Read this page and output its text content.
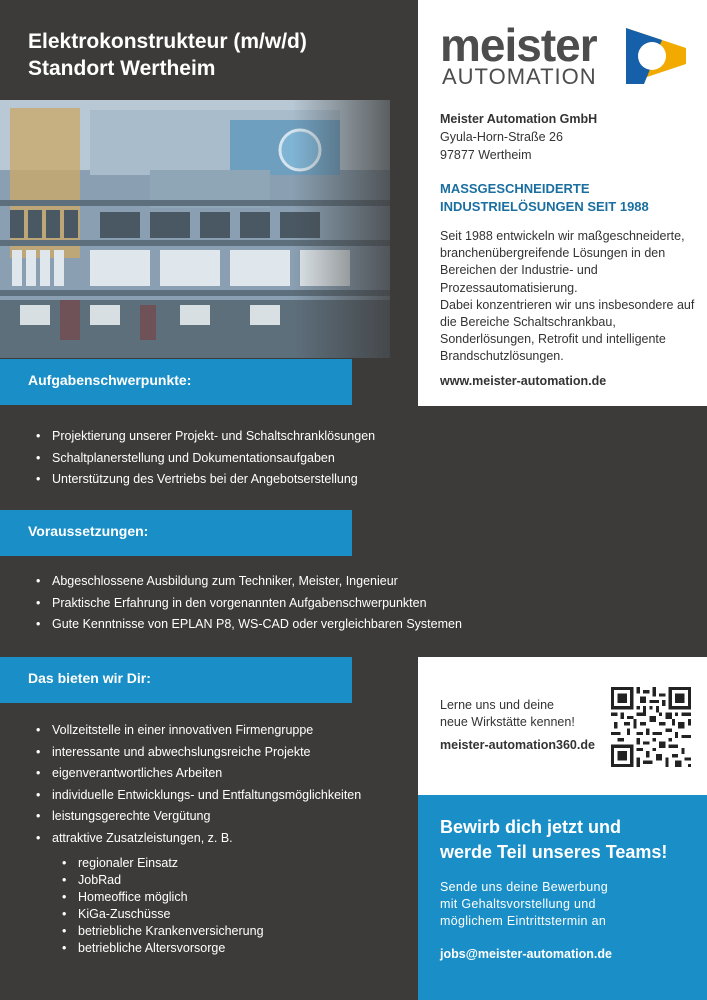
Elektrokonstrukteur (m/w/d)
Standort Wertheim
Aufgabenschwerpunkte:
• Projektierung unserer Projekt- und Schaltschranklösungen
• Schaltplanerstellung und Dokumentationsaufgaben
• Unterstützung des Vertriebs bei der Angebotserstellung
Voraussetzungen:
• Abgeschlossene Ausbildung zum Techniker, Meister, Ingenieur
• Praktische Erfahrung in den vorgenannten Aufgabenschwerpunkten
• Gute Kenntnisse von EPLAN P8, WS-CAD oder vergleichbaren Systemen
Das bieten wir Dir:
• Vollzeitstelle in einer innovativen Firmengruppe
• interessante und abwechslungsreiche Projekte
• eigenverantwortliches Arbeiten
• individuelle Entwicklungs- und Entfaltungsmöglichkeiten
• leistungsgerechte Vergütung
• attraktive Zusatzleistungen, z. B.
• regionaler Einsatz
• JobRad
• Homeoffice möglich
• KiGa-Zuschüsse
• betriebliche Krankenversicherung
• betriebliche Altersvorsorge
meister
AUTOMATION
Meister Automation GmbH
Gyula-Horn-Straße 26
97877 Wertheim
MASSGESCHNEIDERTE
INDUSTRIELÖSUNGEN SEIT 1988
Seit 1988 entwickeln wir maßgeschneiderte, branchenübergreifende Lösungen in den Bereichen der Industrie- und Prozessautomatisierung.
Dabei konzentrieren wir uns insbesondere auf die Bereiche Schaltschrankbau, Sonderlösungen, Retrofit und intelligente Brandschutzlösungen.
www.meister-automation.de
Lerne uns und deine
neue Wirkstätte kennen!
meister-automation360.de
Bewirb dich jetzt und
werde Teil unseres Teams!
Sende uns deine Bewerbung
mit Gehaltsvorstellung und
möglichem Eintrittstermin an
jobs@meister-automation.de
